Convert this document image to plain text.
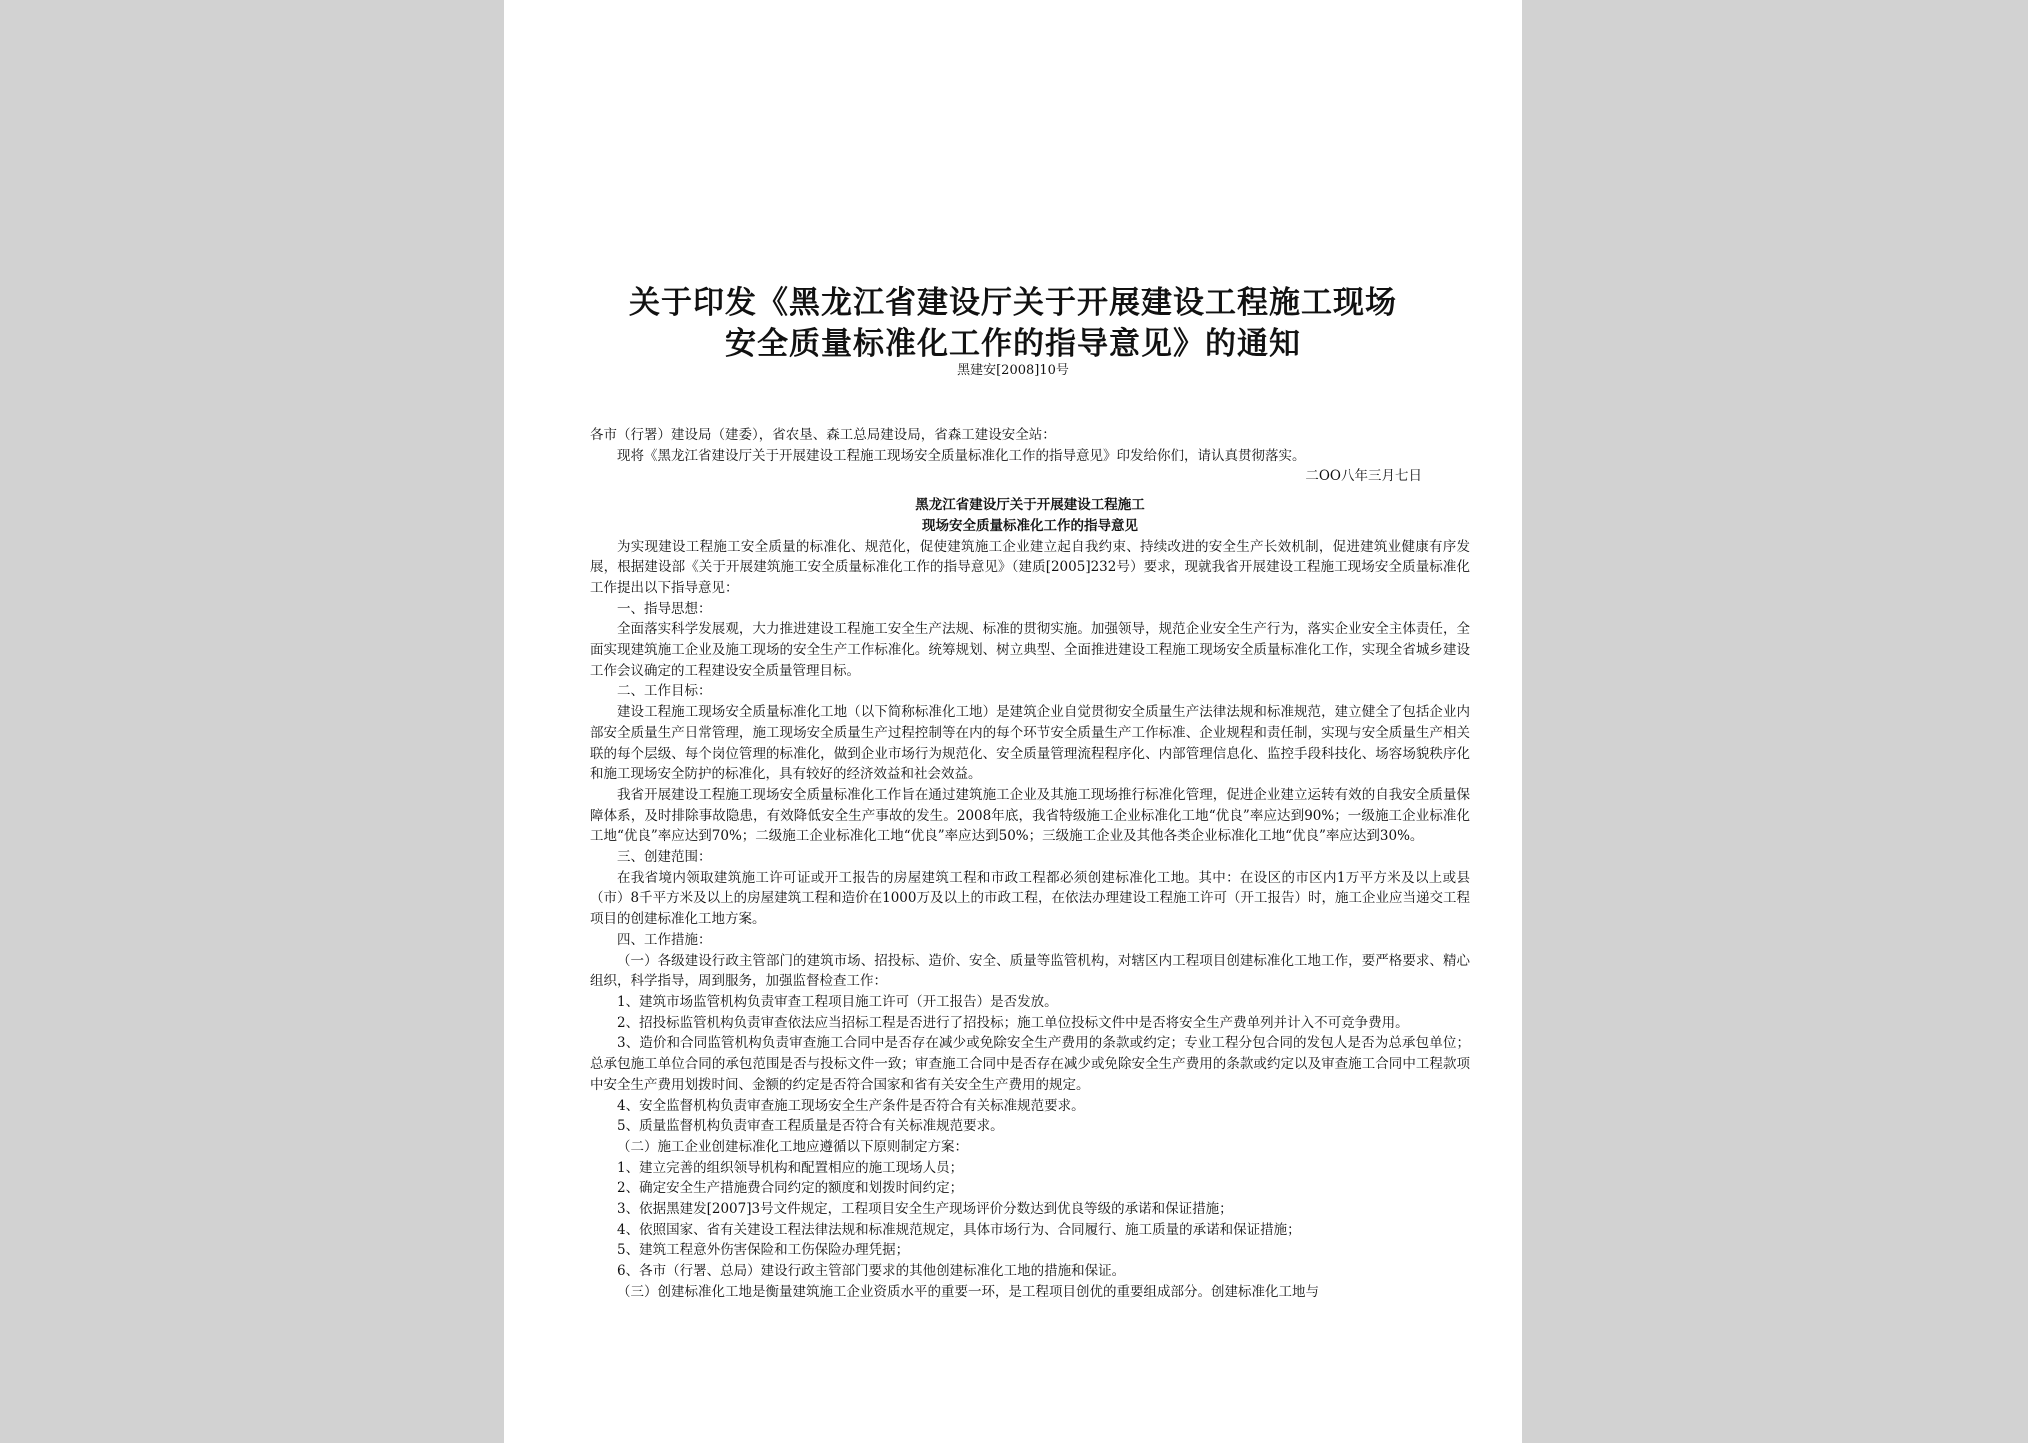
关于印发《黑龙江省建设厅关于开展建设工程施工现场
安全质量标准化工作的指导意见》的通知
黑建安[2008]10号

各市（行署）建设局（建委），省农垦、森工总局建设局，省森工建设安全站：

现将《黑龙江省建设厅关于开展建设工程施工现场安全质量标准化工作的指导意见》印发给你们，请认真贯彻落实。

二OO八年三月七日

黑龙江省建设厅关于开展建设工程施工

现场安全质量标准化工作的指导意见

为实现建设工程施工安全质量的标准化、规范化，促使建筑施工企业建立起自我约束、持续改进的安全生产长效机制，促进建筑业健康有序发展，根据建设部《关于开展建筑施工安全质量标准化工作的指导意见》（建质[2005]232号）要求，现就我省开展建设工程施工现场安全质量标准化工作提出以下指导意见：

一、指导思想：

全面落实科学发展观，大力推进建设工程施工安全生产法规、标准的贯彻实施。加强领导，规范企业安全生产行为，落实企业安全主体责任，全面实现建筑施工企业及施工现场的安全生产工作标准化。统筹规划、树立典型、全面推进建设工程施工现场安全质量标准化工作，实现全省城乡建设工作会议确定的工程建设安全质量管理目标。

二、工作目标：

建设工程施工现场安全质量标准化工地（以下简称标准化工地）是建筑企业自觉贯彻安全质量生产法律法规和标准规范，建立健全了包括企业内部安全质量生产日常管理，施工现场安全质量生产过程控制等在内的每个环节安全质量生产工作标准、企业规程和责任制，实现与安全质量生产相关联的每个层级、每个岗位管理的标准化，做到企业市场行为规范化、安全质量管理流程程序化、内部管理信息化、监控手段科技化、场容场貌秩序化和施工现场安全防护的标准化，具有较好的经济效益和社会效益。

我省开展建设工程施工现场安全质量标准化工作旨在通过建筑施工企业及其施工现场推行标准化管理，促进企业建立运转有效的自我安全质量保障体系，及时排除事故隐患，有效降低安全生产事故的发生。2008年底，我省特级施工企业标准化工地“优良”率应达到90%；一级施工企业标准化工地“优良”率应达到70%；二级施工企业标准化工地“优良”率应达到50%；三级施工企业及其他各类企业标准化工地“优良”率应达到30%。

三、创建范围：

在我省境内领取建筑施工许可证或开工报告的房屋建筑工程和市政工程都必须创建标准化工地。其中：在设区的市区内1万平方米及以上或县（市）8千平方米及以上的房屋建筑工程和造价在1000万及以上的市政工程，在依法办理建设工程施工许可（开工报告）时，施工企业应当递交工程项目的创建标准化工地方案。

四、工作措施：

（一）各级建设行政主管部门的建筑市场、招投标、造价、安全、质量等监管机构，对辖区内工程项目创建标准化工地工作，要严格要求、精心组织，科学指导，周到服务，加强监督检查工作：

1、建筑市场监管机构负责审查工程项目施工许可（开工报告）是否发放。

2、招投标监管机构负责审查依法应当招标工程是否进行了招投标；施工单位投标文件中是否将安全生产费单列并计入不可竞争费用。

3、造价和合同监管机构负责审查施工合同中是否存在减少或免除安全生产费用的条款或约定；专业工程分包合同的发包人是否为总承包单位；总承包施工单位合同的承包范围是否与投标文件一致；审查施工合同中是否存在减少或免除安全生产费用的条款或约定以及审查施工合同中工程款项中安全生产费用划拨时间、金额的约定是否符合国家和省有关安全生产费用的规定。

4、安全监督机构负责审查施工现场安全生产条件是否符合有关标准规范要求。

5、质量监督机构负责审查工程质量是否符合有关标准规范要求。

（二）施工企业创建标准化工地应遵循以下原则制定方案：

1、建立完善的组织领导机构和配置相应的施工现场人员；

2、确定安全生产措施费合同约定的额度和划拨时间约定；

3、依据黑建发[2007]3号文件规定，工程项目安全生产现场评价分数达到优良等级的承诺和保证措施；

4、依照国家、省有关建设工程法律法规和标准规范规定，具体市场行为、合同履行、施工质量的承诺和保证措施；

5、建筑工程意外伤害保险和工伤保险办理凭据；

6、各市（行署、总局）建设行政主管部门要求的其他创建标准化工地的措施和保证。

（三）创建标准化工地是衡量建筑施工企业资质水平的重要一环，是工程项目创优的重要组成部分。创建标准化工地与
